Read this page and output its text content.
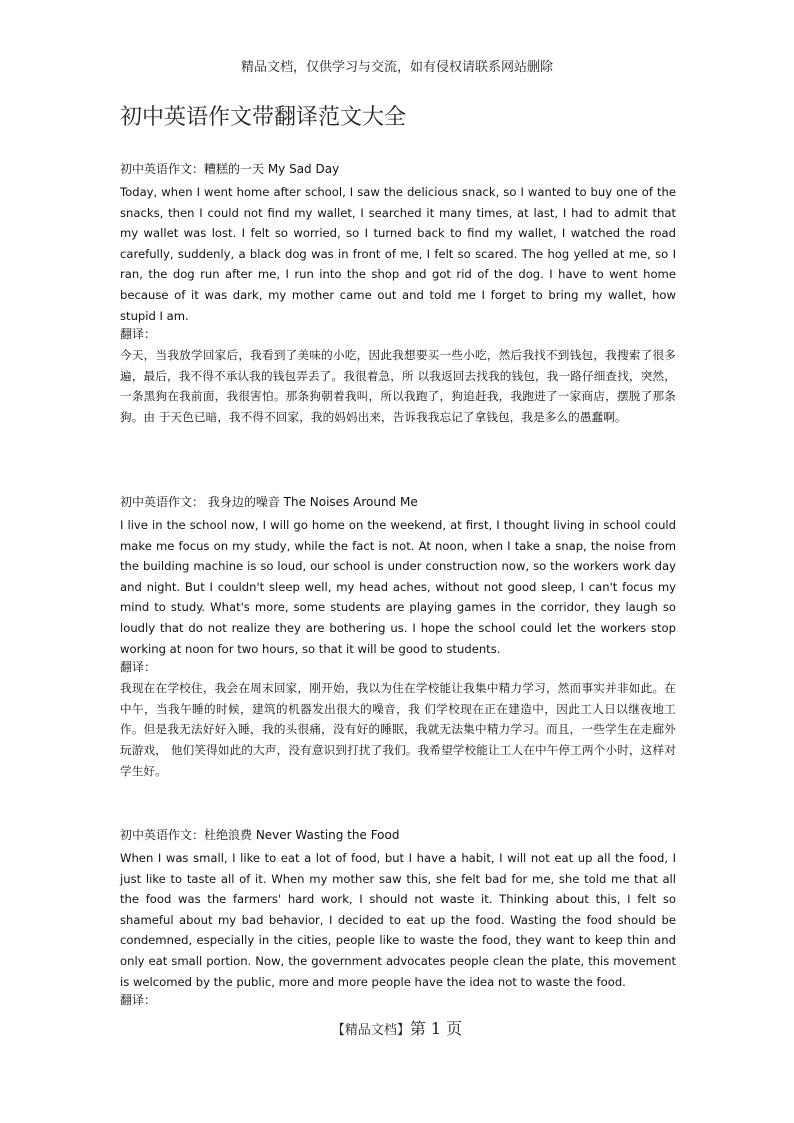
精品文档，仅供学习与交流，如有侵权请联系网站删除
初中英语作文带翻译范文大全

初中英语作文：糟糕的一天 My Sad Day

Today, when I went home after school, I saw the delicious snack, so I wanted to buy one of the snacks, then I could not find my wallet, I searched it many times, at last, I had to admit that my wallet was lost. I felt so worried, so I turned back to find my wallet, I watched the road carefully, suddenly, a black dog was in front of me, I felt so scared. The hog yelled at me, so I ran, the dog run after me, I run into the shop and got rid of the dog. I have to went home because of it was dark, my mother came out and told me I forget to bring my wallet, how stupid I am.

翻译：

今天，当我放学回家后，我看到了美味的小吃，因此我想要买一些小吃，然后我找不到钱包，我搜索了很多遍，最后，我不得不承认我的钱包弄丢了。我很着急，所 以我返回去找我的钱包，我一路仔细查找，突然，一条黑狗在我前面，我很害怕。那条狗朝着我叫，所以我跑了，狗追赶我，我跑进了一家商店，摆脱了那条狗。由 于天色已暗，我不得不回家，我的妈妈出来，告诉我我忘记了拿钱包，我是多么的愚蠢啊。

初中英语作文： 我身边的噪音 The Noises Around Me

I live in the school now, I will go home on the weekend, at first, I thought living in school could make me focus on my study, while the fact is not. At noon, when I take a snap, the noise from the building machine is so loud, our school is under construction now, so the workers work day and night. But I couldn't sleep well, my head aches, without not good sleep, I can't focus my mind to study. What's more, some students are playing games in the corridor, they laugh so loudly that do not realize they are bothering us. I hope the school could let the workers stop working at noon for two hours, so that it will be good to students.

翻译：

我现在在学校住，我会在周末回家，刚开始，我以为住在学校能让我集中精力学习，然而事实并非如此。在中午，当我午睡的时候，建筑的机器发出很大的噪音，我 们学校现在正在建造中，因此工人日以继夜地工作。但是我无法好好入睡，我的头很痛，没有好的睡眠，我就无法集中精力学习。而且，一些学生在走廊外玩游戏， 他们笑得如此的大声，没有意识到打扰了我们。我希望学校能让工人在中午停工两个小时，这样对学生好。

初中英语作文：杜绝浪费 Never Wasting the Food

When I was small, I like to eat a lot of food, but I have a habit, I will not eat up all the food, I just like to taste all of it. When my mother saw this, she felt bad for me, she told me that all the food was the farmers' hard work, I should not waste it. Thinking about this, I felt so shameful about my bad behavior, I decided to eat up the food. Wasting the food should be condemned, especially in the cities, people like to waste the food, they want to keep thin and only eat small portion. Now, the government advocates people clean the plate, this movement is welcomed by the public, more and more people have the idea not to waste the food.

翻译：

【精品文档】第 1 页
